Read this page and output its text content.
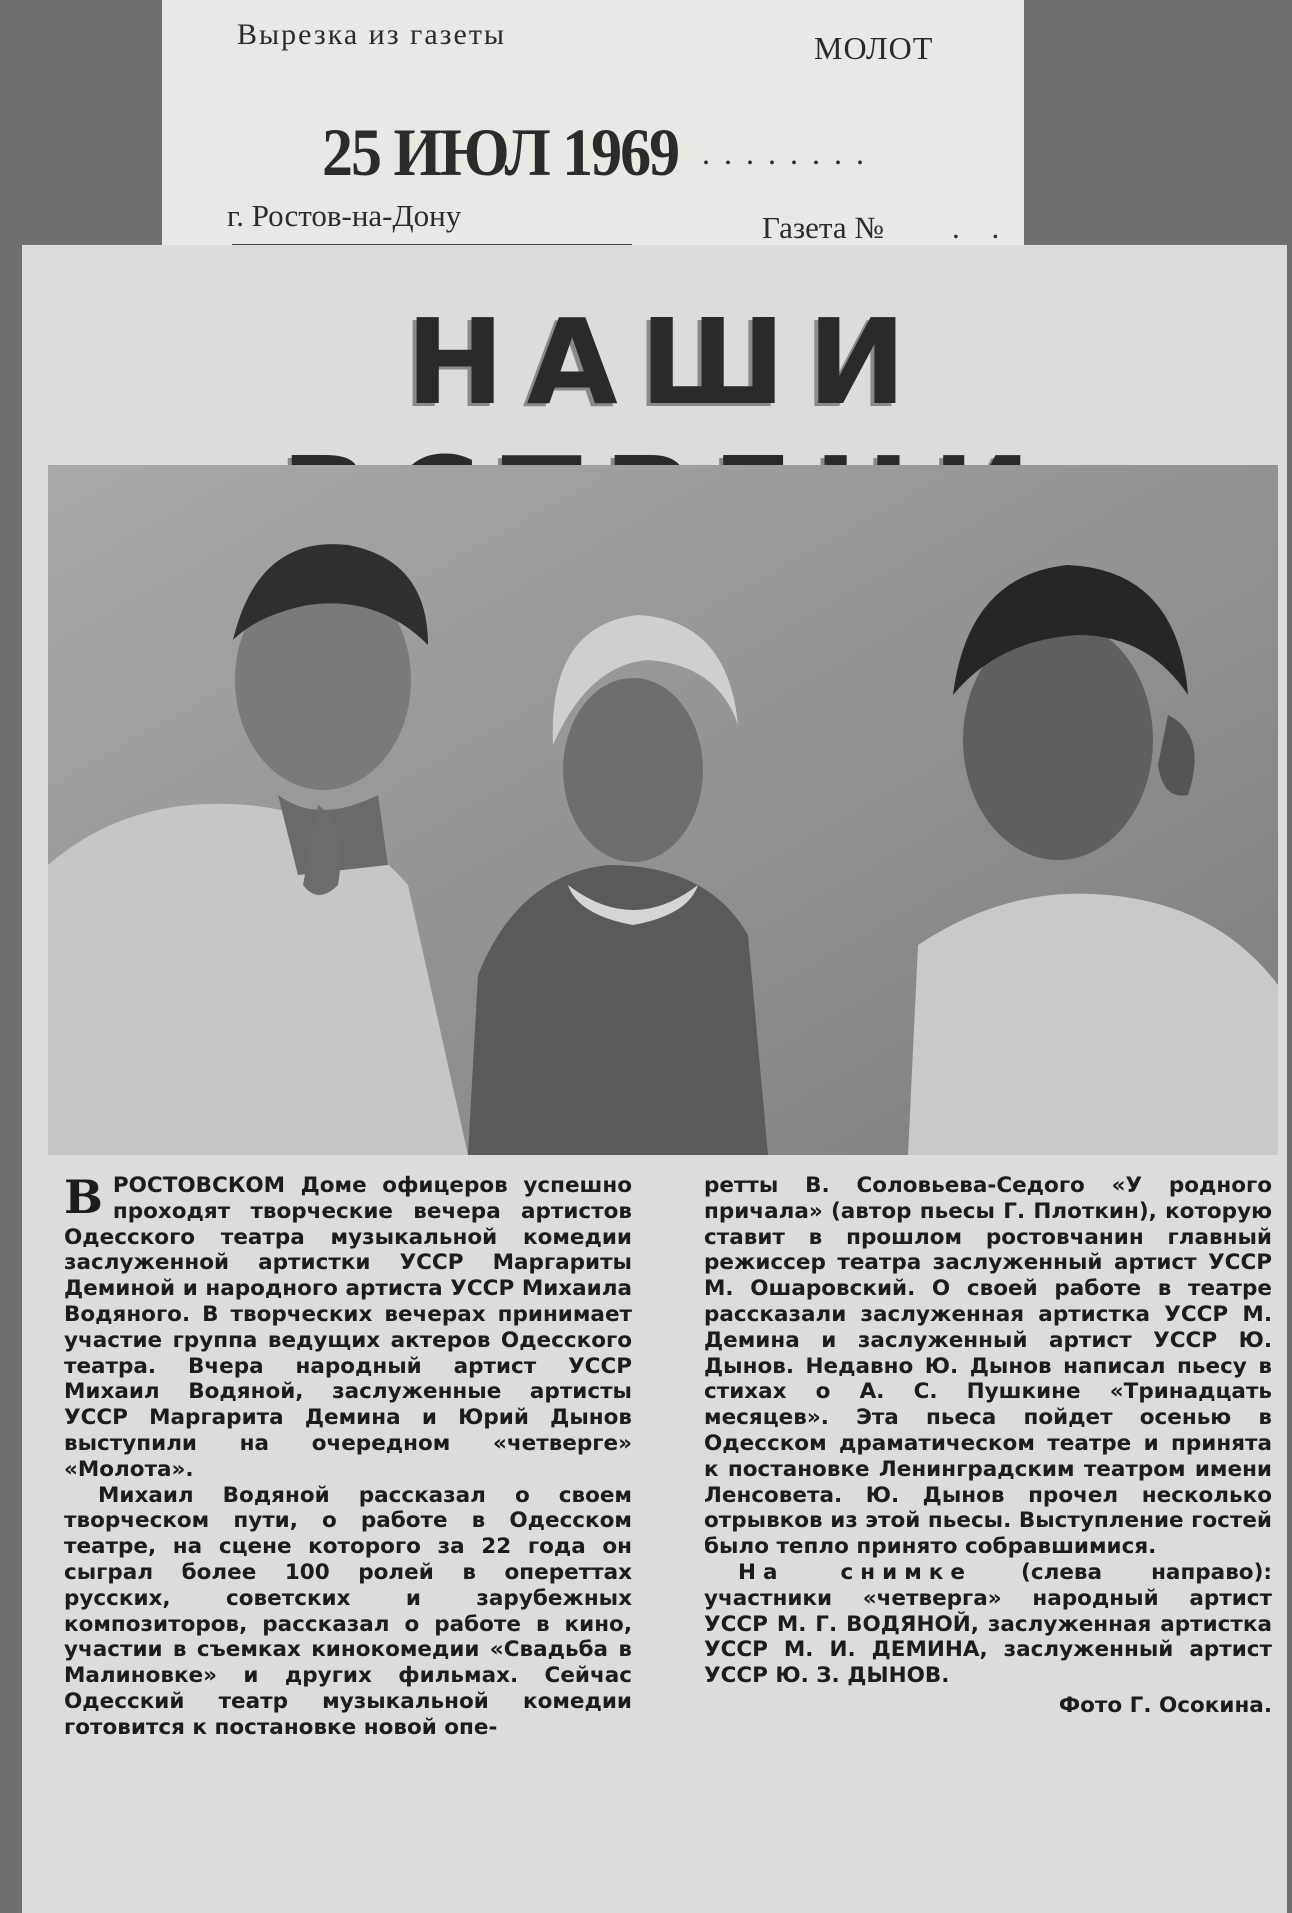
Вырезка из газеты	МОЛОТ
25 ИЮЛ 1969 ........
г. Ростов-на-Дону	Газета № . .
НАШИ

В РОСТОВСКОМ Доме офицеров успешно проходят творческие вечера артистов Одесского театра музыкальной комедии заслуженной артистки УССР Маргариты Деминой и народного артиста УССР Михаила Водяного. В творческих вечерах принимает участие группа ведущих актеров Одесского театра. Вчера народный артист УССР Михаил Водяной, заслуженные артисты УССР Маргарита Демина и Юрий Дынов выступили на очередном «четверге» «Молота».

Михаил Водяной рассказал о своем творческом пути, о работе в Одесском театре, на сцене которого за 22 года он сыграл более 100 ролей в опереттах русских, советских и зарубежных композиторов, рассказал о работе в кино, участии в съемках кинокомедии «Свадьба в Малиновке» и других фильмах. Сейчас Одесский театр музыкальной комедии готовится к постановке новой опе-

ретты В. Соловьева-Седого «У родного причала» (автор пьесы Г. Плоткин), которую ставит в прошлом ростовчанин главный режиссер театра заслуженный артист УССР М. Ошаровский. О своей работе в театре рассказали заслуженная артистка УССР М. Демина и заслуженный артист УССР Ю. Дынов. Недавно Ю. Дынов написал пьесу в стихах о А. С. Пушкине «Тринадцать месяцев». Эта пьеса пойдет осенью в Одесском драматическом театре и принята к постановке Ленинградским театром имени Ленсовета. Ю. Дынов прочел несколько отрывков из этой пьесы. Выступление гостей было тепло принято собравшимися.

На снимке (слева направо): участники «четверга» народный артист УССР М. Г. ВОДЯНОЙ, заслуженная артистка УССР М. И. ДЕМИНА, заслуженный артист УССР Ю. З. ДЫНОВ.

Фото Г. Осокина.
